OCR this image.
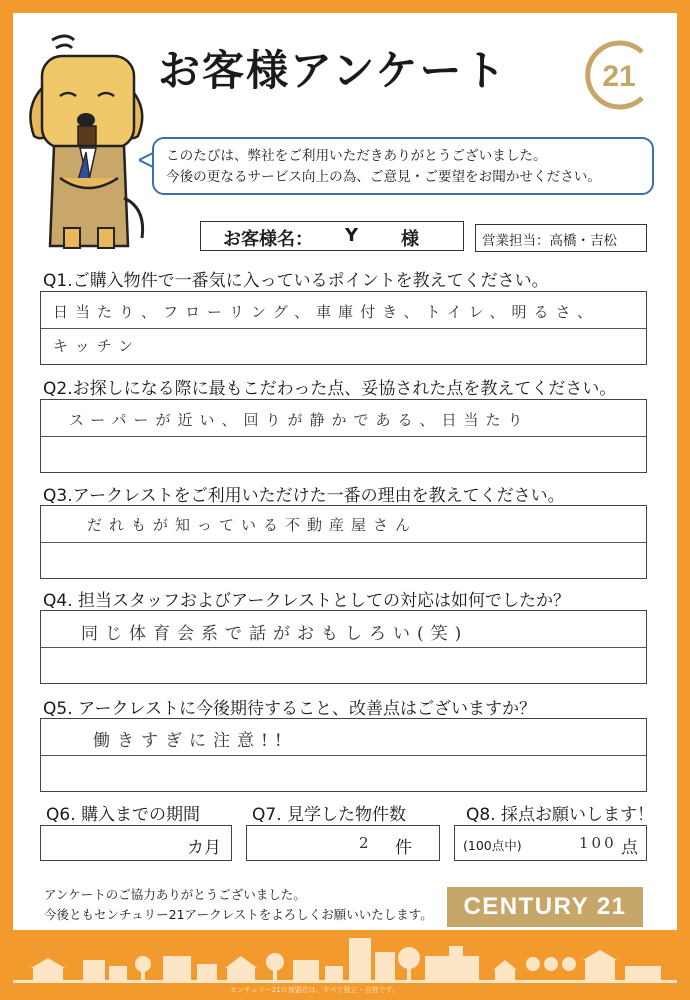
お客様アンケート	21
このたびは、弊社をご利用いただきありがとうございました。
今後の更なるサービス向上の為、ご意見・ご要望をお聞かせください。
お客様名： Y 様	営業担当：高橋・吉松
Q1.ご購入物件で一番気に入っているポイントを教えてください。
日当たり、フローリング、車庫付き、トイレ、明るさ、
キッチン
Q2.お探しになる際に最もこだわった点、妥協された点を教えてください。
スーパーが近い、回りが静かである、日当たり
Q3.アークレストをご利用いただけた一番の理由を教えてください。
だれもが知っている不動産屋さん
Q4. 担当スタッフおよびアークレストとしての対応は如何でしたか？
同じ体育会系で話がおもしろい(笑)
Q5. アークレストに今後期待すること、改善点はございますか？
働きすぎに注意!!
Q6. 購入までの期間	Q7. 見学した物件数	Q8. 採点お願いします！
カ月	2 件	(100点中)	100 点
アンケートのご協力ありがとうございました。
今後ともセンチュリー21アークレストをよろしくお願いいたします。	CENTURY 21
センチュリー21の加盟店は、すべて独立・自営です。
